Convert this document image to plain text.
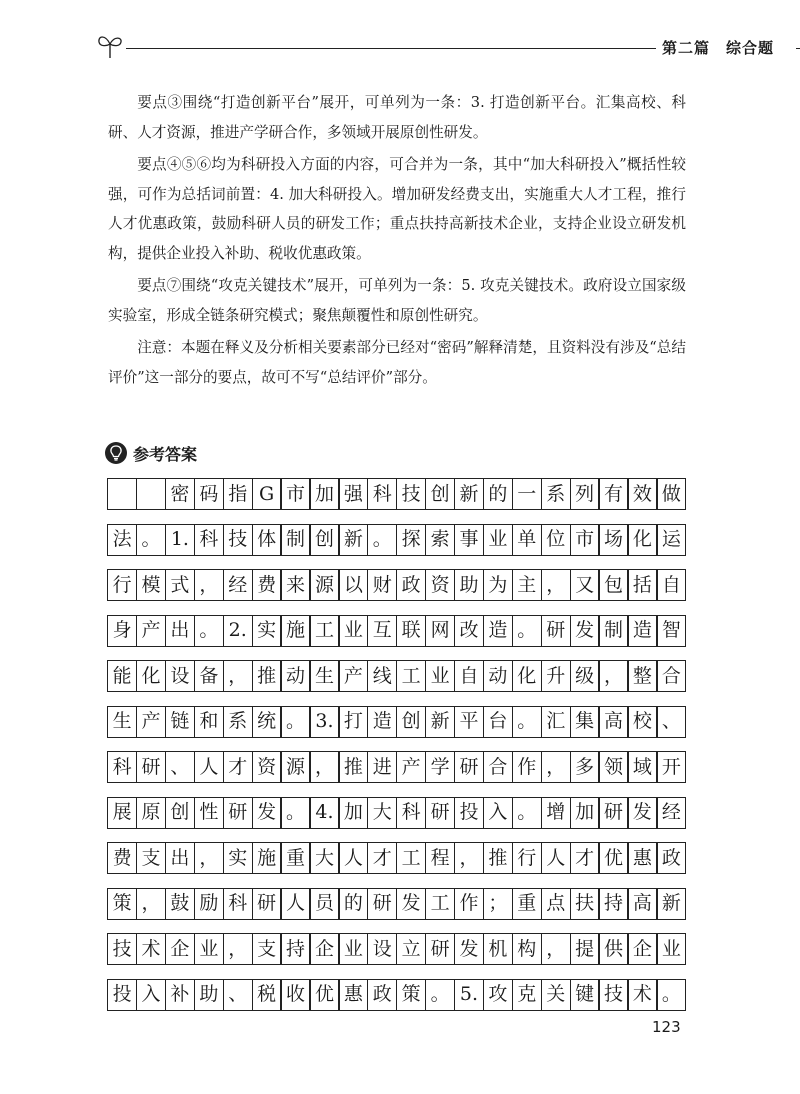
第二篇　综合题

要点③围绕“打造创新平台”展开，可单列为一条：3. 打造创新平台。汇集高校、科研、人才资源，推进产学研合作，多领域开展原创性研发。

要点④⑤⑥均为科研投入方面的内容，可合并为一条，其中“加大科研投入”概括性较强，可作为总括词前置：4. 加大科研投入。增加研发经费支出，实施重大人才工程，推行人才优惠政策，鼓励科研人员的研发工作；重点扶持高新技术企业，支持企业设立研发机构，提供企业投入补助、税收优惠政策。

要点⑦围绕“攻克关键技术”展开，可单列为一条：5. 攻克关键技术。政府设立国家级实验室，形成全链条研究模式；聚焦颠覆性和原创性研究。

注意：本题在释义及分析相关要素部分已经对“密码”解释清楚，且资料没有涉及“总结评价”这一部分的要点，故可不写“总结评价”部分。

参考答案
密 码 指 G 市 加 强 科 技 创 新 的 一 系 列 有 效 做
法 。 1. 科 技 体 制 创 新 。 探 索 事 业 单 位 市 场 化 运
行 模 式 ， 经 费 来 源 以 财 政 资 助 为 主 ， 又 包 括 自
身 产 出 。 2. 实 施 工 业 互 联 网 改 造 。 研 发 制 造 智
能 化 设 备 ， 推 动 生 产 线 工 业 自 动 化 升 级 ， 整 合
生 产 链 和 系 统 。 3. 打 造 创 新 平 台 。 汇 集 高 校 、
科 研 、 人 才 资 源 ， 推 进 产 学 研 合 作 ， 多 领 域 开
展 原 创 性 研 发 。 4. 加 大 科 研 投 入 。 增 加 研 发 经
费 支 出 ， 实 施 重 大 人 才 工 程 ， 推 行 人 才 优 惠 政
策 ， 鼓 励 科 研 人 员 的 研 发 工 作 ； 重 点 扶 持 高 新
技 术 企 业 ， 支 持 企 业 设 立 研 发 机 构 ， 提 供 企 业
投 入 补 助 、 税 收 优 惠 政 策 。 5. 攻 克 关 键 技 术 。
123
